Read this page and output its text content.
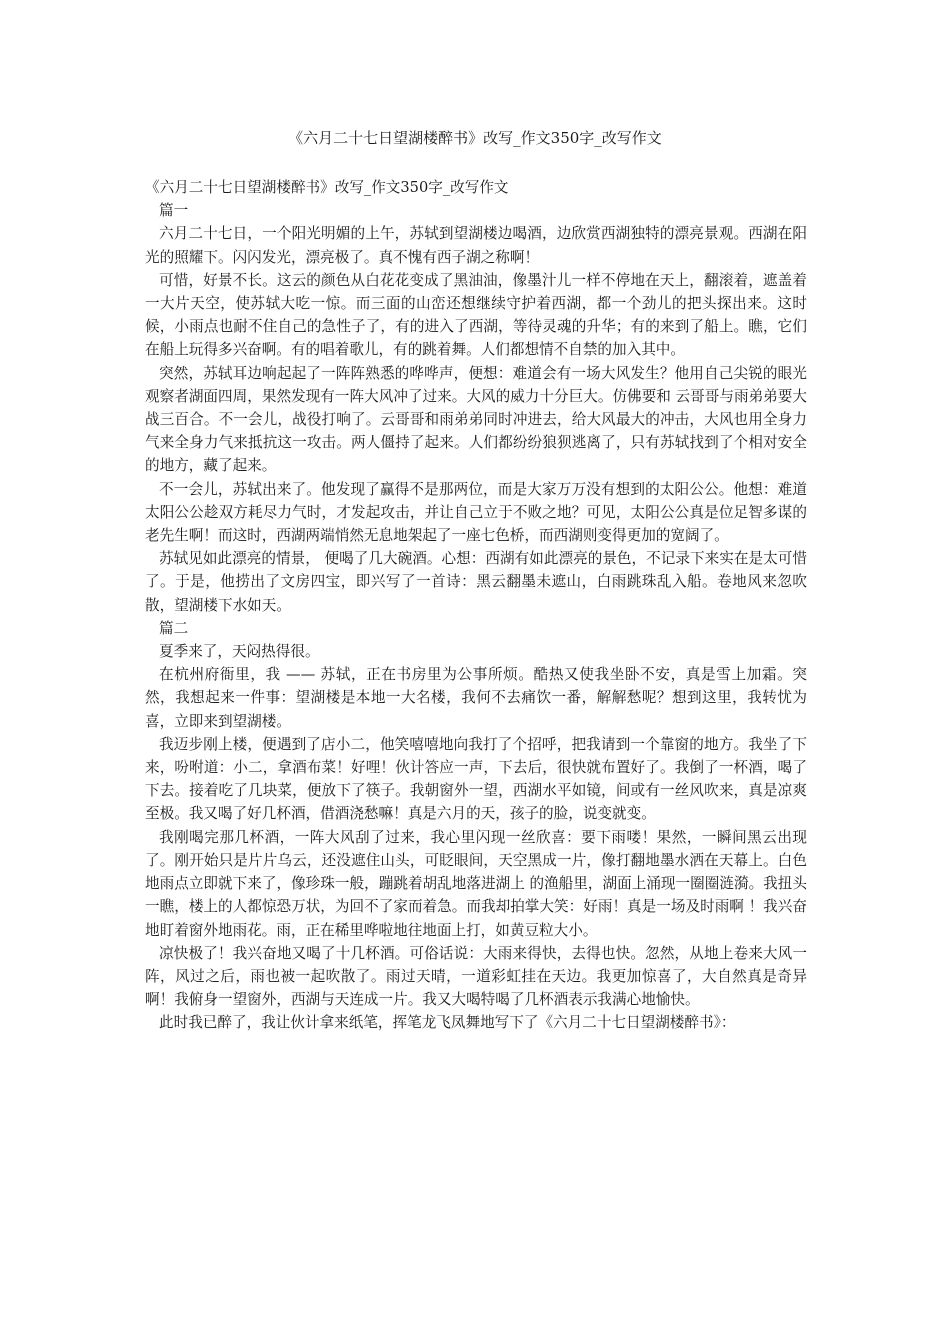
《六月二十七日望湖楼醉书》改写_作文350字_改写作文

《六月二十七日望湖楼醉书》改写_作文350字_改写作文

篇一

六月二十七日，一个阳光明媚的上午，苏轼到望湖楼边喝酒，边欣赏西湖独特的漂亮景观。西湖在阳光的照耀下。闪闪发光，漂亮极了。真不愧有西子湖之称啊！

可惜，好景不长。这云的颜色从白花花变成了黑油油，像墨汁儿一样不停地在天上，翻滚着，遮盖着一大片天空，使苏轼大吃一惊。而三面的山峦还想继续守护着西湖，都一个劲儿的把头探出来。这时候，小雨点也耐不住自己的急性子了，有的进入了西湖，等待灵魂的升华；有的来到了船上。瞧，它们在船上玩得多兴奋啊。有的唱着歌儿，有的跳着舞。人们都想情不自禁的加入其中。

突然，苏轼耳边响起起了一阵阵熟悉的哗哗声，便想：难道会有一场大风发生？他用自己尖锐的眼光观察者湖面四周，果然发现有一阵大风冲了过来。大风的威力十分巨大。仿佛要和 云哥哥与雨弟弟要大战三百合。不一会儿，战役打响了。云哥哥和雨弟弟同时冲进去，给大风最大的冲击，大风也用全身力气来全身力气来抵抗这一攻击。两人僵持了起来。人们都纷纷狼狈逃离了，只有苏轼找到了个相对安全的地方，藏了起来。

不一会儿，苏轼出来了。他发现了赢得不是那两位，而是大家万万没有想到的太阳公公。他想：难道太阳公公趁双方耗尽力气时，才发起攻击，并让自己立于不败之地？可见，太阳公公真是位足智多谋的老先生啊！而这时，西湖两端悄然无息地架起了一座七色桥，而西湖则变得更加的宽阔了。

苏轼见如此漂亮的情景， 便喝了几大碗酒。心想：西湖有如此漂亮的景色，不记录下来实在是太可惜了。于是，他捞出了文房四宝，即兴写了一首诗：黑云翻墨未遮山，白雨跳珠乱入船。卷地风来忽吹散，望湖楼下水如天。

篇二

夏季来了，天闷热得很。

在杭州府衙里，我 —— 苏轼，正在书房里为公事所烦。酷热又使我坐卧不安，真是雪上加霜。突然，我想起来一件事：望湖楼是本地一大名楼，我何不去痛饮一番，解解愁呢？想到这里，我转忧为喜，立即来到望湖楼。

我迈步刚上楼，便遇到了店小二，他笑嘻嘻地向我打了个招呼，把我请到一个靠窗的地方。我坐了下来，吩咐道：小二，拿酒布菜！好哩！伙计答应一声，下去后，很快就布置好了。我倒了一杯酒，喝了下去。接着吃了几块菜，便放下了筷子。我朝窗外一望，西湖水平如镜，间或有一丝风吹来，真是凉爽至极。我又喝了好几杯酒，借酒浇愁嘛！真是六月的天，孩子的脸，说变就变。

我刚喝完那几杯酒，一阵大风刮了过来，我心里闪现一丝欣喜：要下雨喽！果然，一瞬间黑云出现了。刚开始只是片片乌云，还没遮住山头，可眨眼间，天空黑成一片，像打翻地墨水洒在天幕上。白色地雨点立即就下来了，像珍珠一般，蹦跳着胡乱地落进湖上 的渔船里，湖面上涌现一圈圈涟漪。我扭头一瞧，楼上的人都惊恐万状，为回不了家而着急。而我却拍掌大笑：好雨！真是一场及时雨啊 ！我兴奋地盯着窗外地雨花。雨，正在稀里哗啦地往地面上打，如黄豆粒大小。

凉快极了！我兴奋地又喝了十几杯酒。可俗话说：大雨来得快，去得也快。忽然，从地上卷来大风一阵，风过之后，雨也被一起吹散了。雨过天晴，一道彩虹挂在天边。我更加惊喜了，大自然真是奇异啊！我俯身一望窗外，西湖与天连成一片。我又大喝特喝了几杯酒表示我满心地愉快。

此时我已醉了，我让伙计拿来纸笔，挥笔龙飞凤舞地写下了《六月二十七日望湖楼醉书》：
